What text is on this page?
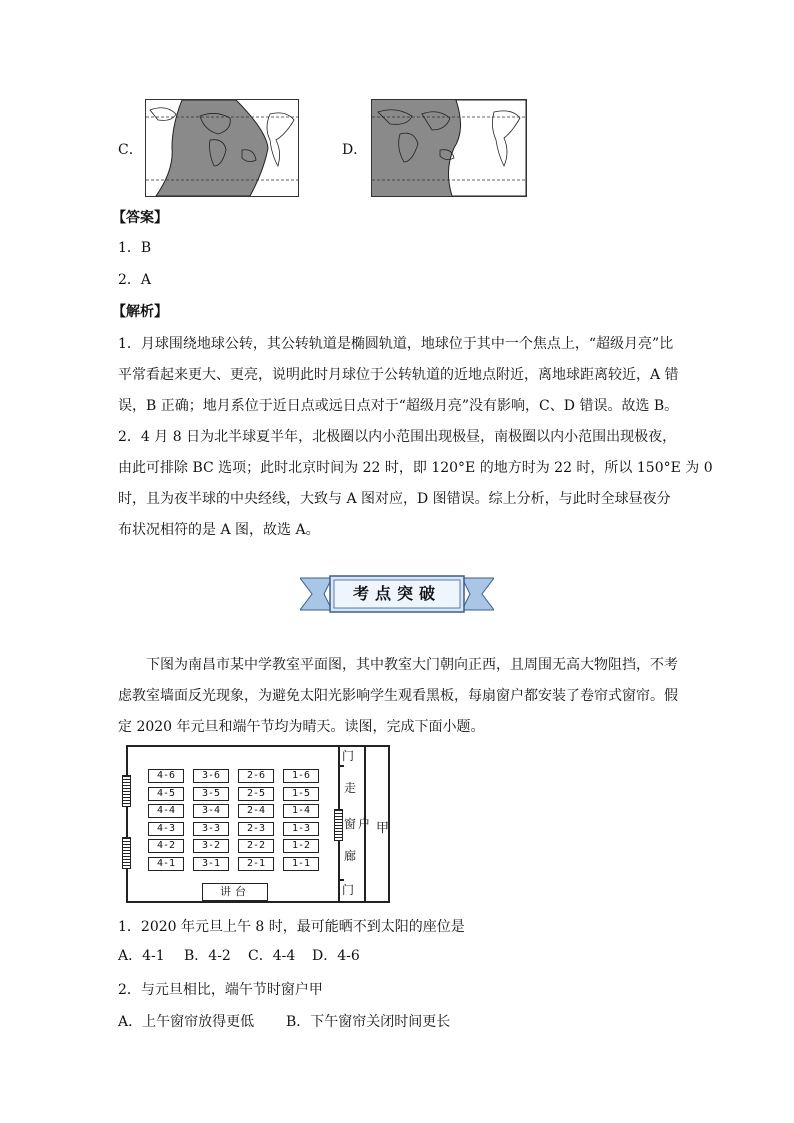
C．	D．
【答案】
1．B
2．A
【解析】
1．月球围绕地球公转，其公转轨道是椭圆轨道，地球位于其中一个焦点上，“超级月亮”比
平常看起来更大、更亮，说明此时月球位于公转轨道的近地点附近，离地球距离较近，A 错
误，B 正确；地月系位于近日点或远日点对于“超级月亮”没有影响，C、D 错误。故选 B。
2．4 月 8 日为北半球夏半年，北极圈以内小范围出现极昼，南极圈以内小范围出现极夜，
由此可排除 BC 选项；此时北京时间为 22 时，即 120°E 的地方时为 22 时，所以 150°E 为 0
时，且为夜半球的中央经线，大致与 A 图对应，D 图错误。综上分析，与此时全球昼夜分
布状况相符的是 A 图，故选 A。
考点突破
下图为南昌市某中学教室平面图，其中教室大门朝向正西，且周围无高大物阻挡，不考
虑教室墙面反光现象，为避免太阳光影响学生观看黑板，每扇窗户都安装了卷帘式窗帘。假
定 2020 年元旦和端午节均为晴天。读图，完成下面小题。
4-6
4-5
4-4
4-3
4-2
4-1
3-6
3-5
3-4
3-3
3-2
3-1
2-6
2-5
2-4
2-3
2-2
2-1
1-6
1-5
1-4
1-3
1-2
1-1
讲台
门
门
走
窗 户
廊
甲
1．2020 年元旦上午 8 时，最可能晒不到太阳的座位是
A．4-1 B．4-2 C．4-4 D．4-6
2．与元旦相比，端午节时窗户甲
A．上午窗帘放得更低 B．下午窗帘关闭时间更长
